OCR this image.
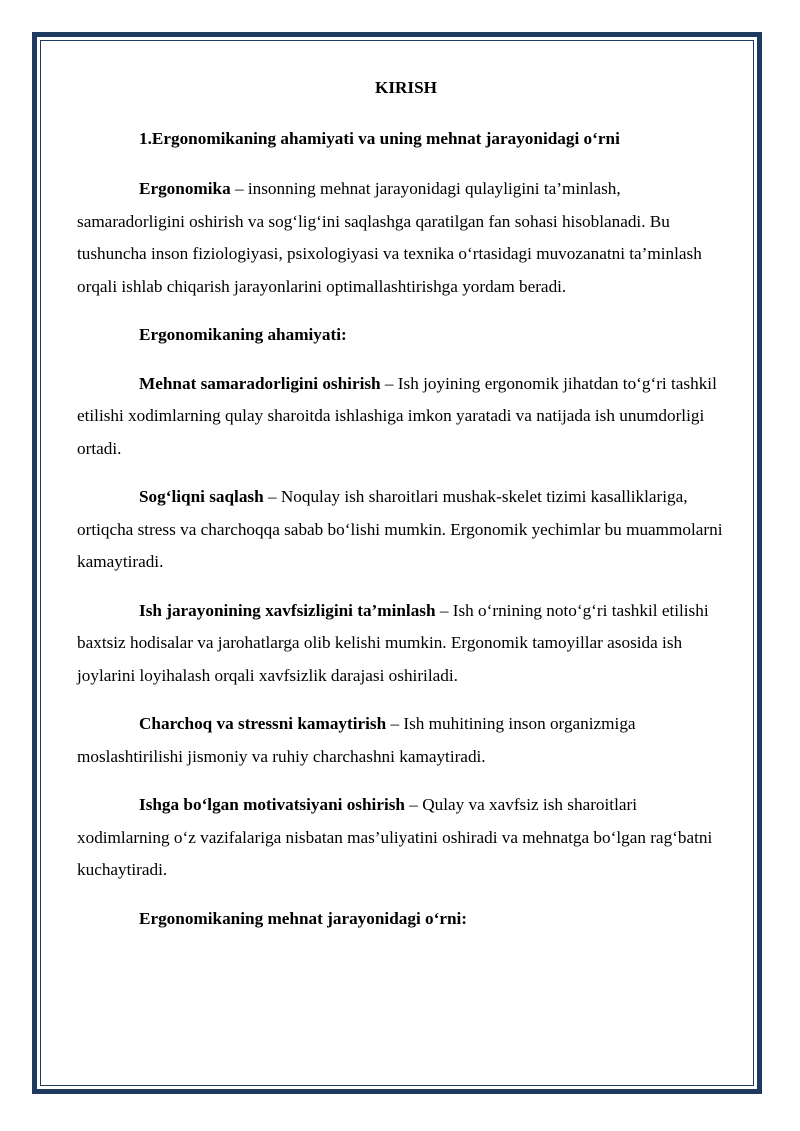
KIRISH
1.Ergonomikaning ahamiyati va uning mehnat jarayonidagi o‘rni

Ergonomika – insonning mehnat jarayonidagi qulayligini ta’minlash, samaradorligini oshirish va sog‘lig‘ini saqlashga qaratilgan fan sohasi hisoblanadi. Bu tushuncha inson fiziologiyasi, psixologiyasi va texnika o‘rtasidagi muvozanatni ta’minlash orqali ishlab chiqarish jarayonlarini optimallashtirishga yordam beradi.

Ergonomikaning ahamiyati:

Mehnat samaradorligini oshirish – Ish joyining ergonomik jihatdan to‘g‘ri tashkil etilishi xodimlarning qulay sharoitda ishlashiga imkon yaratadi va natijada ish unumdorligi ortadi.

Sog‘liqni saqlash – Noqulay ish sharoitlari mushak-skelet tizimi kasalliklariga, ortiqcha stress va charchoqqa sabab bo‘lishi mumkin. Ergonomik yechimlar bu muammolarni kamaytiradi.

Ish jarayonining xavfsizligini ta’minlash – Ish o‘rnining noto‘g‘ri tashkil etilishi baxtsiz hodisalar va jarohatlarga olib kelishi mumkin. Ergonomik tamoyillar asosida ish joylarini loyihalash orqali xavfsizlik darajasi oshiriladi.

Charchoq va stressni kamaytirish – Ish muhitining inson organizmiga moslashtirilishi jismoniy va ruhiy charchashni kamaytiradi.

Ishga bo‘lgan motivatsiyani oshirish – Qulay va xavfsiz ish sharoitlari xodimlarning o‘z vazifalariga nisbatan mas’uliyatini oshiradi va mehnatga bo‘lgan rag‘batni kuchaytiradi.

Ergonomikaning mehnat jarayonidagi o‘rni:
